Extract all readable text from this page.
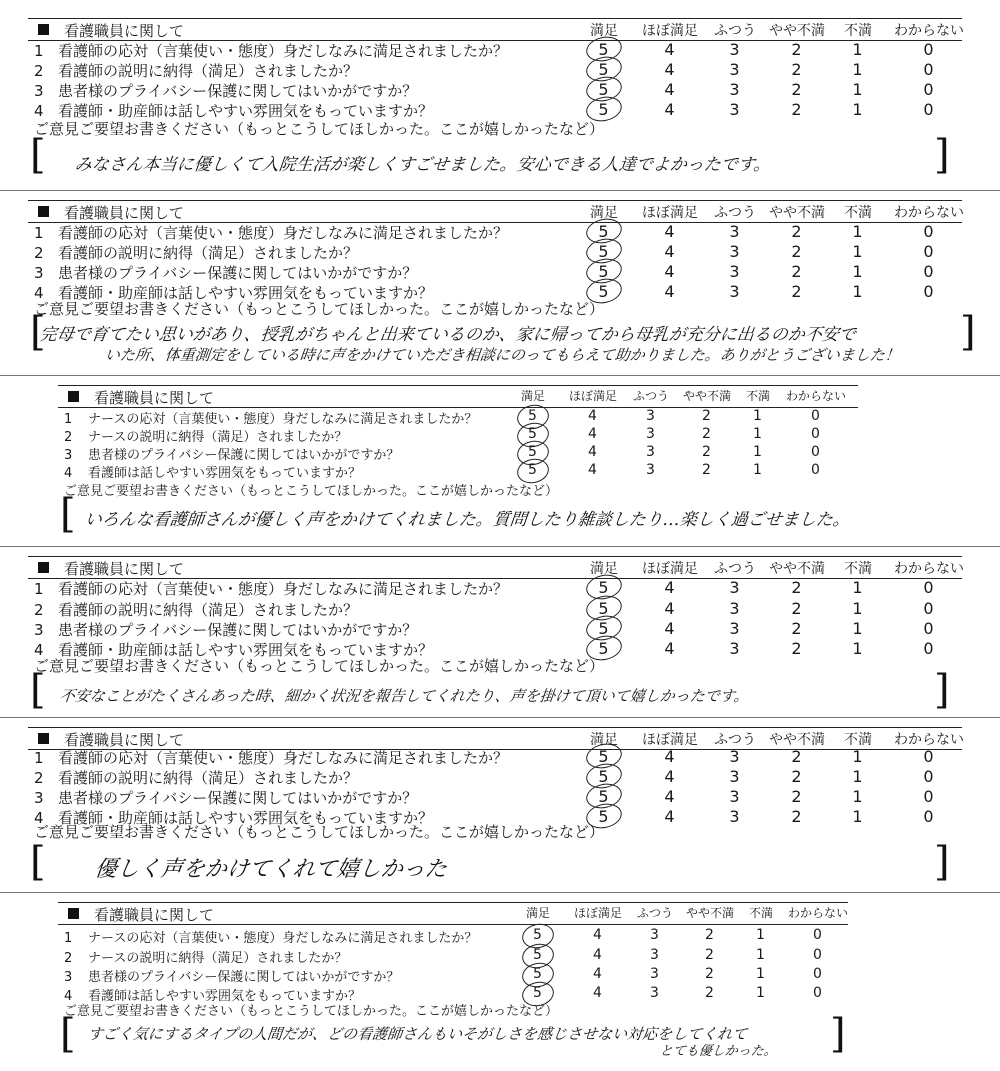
看護職員に関して	満足 ほぼ満足 ふつう やや不満 不満 わからない
1 看護師の応対（言葉使い・態度）身だしなみに満足されましたか？	5	4	3	2	1	0
2 看護師の説明に納得（満足）されましたか？	5	4	3	2	1	0
3 患者様のプライバシー保護に関してはいかがですか？	5	4	3	2	1	0
4 看護師・助産師は話しやすい雰囲気をもっていますか？	5	4	3	2	1	0
ご意見ご要望お書きください（もっとこうしてほしかった。ここが嬉しかったなど）
[	]
みなさん本当に優しくて入院生活が楽しくすごせました。安心できる人達でよかったです。
看護職員に関して	満足 ほぼ満足 ふつう やや不満 不満 わからない
1 看護師の応対（言葉使い・態度）身だしなみに満足されましたか？	5	4	3	2	1	0
2 看護師の説明に納得（満足）されましたか？	5	4	3	2	1	0
3 患者様のプライバシー保護に関してはいかがですか？	5	4	3	2	1	0
4 看護師・助産師は話しやすい雰囲気をもっていますか？	5	4	3	2	1	0
ご意見ご要望お書きください（もっとこうしてほしかった。ここが嬉しかったなど）
[	]
完母で育てたい思いがあり、授乳がちゃんと出来ているのか、家に帰ってから母乳が充分に出るのか不安で
いた所、体重測定をしている時に声をかけていただき相談にのってもらえて助かりました。ありがとうございました！
看護職員に関して	満足 ほぼ満足 ふつう やや不満 不満 わからない
1 ナースの応対（言葉使い・態度）身だしなみに満足されましたか？	5	4	3	2	1	0
2 ナースの説明に納得（満足）されましたか？	5	4	3	2	1	0
3 患者様のプライバシー保護に関してはいかがですか？	5	4	3	2	1	0
4 看護師は話しやすい雰囲気をもっていますか？	5	4	3	2	1	0
ご意見ご要望お書きください（もっとこうしてほしかった。ここが嬉しかったなど）
[ いろんな看護師さんが優しく声をかけてくれました。質問したり雑談したり…楽しく過ごせました。
看護職員に関して	満足 ほぼ満足 ふつう やや不満 不満 わからない
1 看護師の応対（言葉使い・態度）身だしなみに満足されましたか？	5	4	3	2	1	0
2 看護師の説明に納得（満足）されましたか？	5	4	3	2	1	0
3 患者様のプライバシー保護に関してはいかがですか？	5	4	3	2	1	0
4 看護師・助産師は話しやすい雰囲気をもっていますか？	5	4	3	2	1	0
ご意見ご要望お書きください（もっとこうしてほしかった。ここが嬉しかったなど）
[	]
不安なことがたくさんあった時、細かく状況を報告してくれたり、声を掛けて頂いて嬉しかったです。
看護職員に関して	満足 ほぼ満足 ふつう やや不満 不満 わからない
1 看護師の応対（言葉使い・態度）身だしなみに満足されましたか？	5	4	3	2	1	0
2 看護師の説明に納得（満足）されましたか？	5	4	3	2	1	0
3 患者様のプライバシー保護に関してはいかがですか？	5	4	3	2	1	0
4 看護師・助産師は話しやすい雰囲気をもっていますか？	5	4	3	2	1	0
ご意見ご要望お書きください（もっとこうしてほしかった。ここが嬉しかったなど）
[	]
優しく声をかけてくれて嬉しかった
看護職員に関して	満足 ほぼ満足 ふつう やや不満 不満 わからない
1 ナースの応対（言葉使い・態度）身だしなみに満足されましたか？	5	4	3	2	1	0
2 ナースの説明に納得（満足）されましたか？	5	4	3	2	1	0
3 患者様のプライバシー保護に関してはいかがですか？	5	4	3	2	1	0
4 看護師は話しやすい雰囲気をもっていますか？	5	4	3	2	1	0
ご意見ご要望お書きください（もっとこうしてほしかった。ここが嬉しかったなど）
[	]
すごく気にするタイプの人間だが、どの看護師さんもいそがしさを感じさせない対応をしてくれて
とても優しかった。
